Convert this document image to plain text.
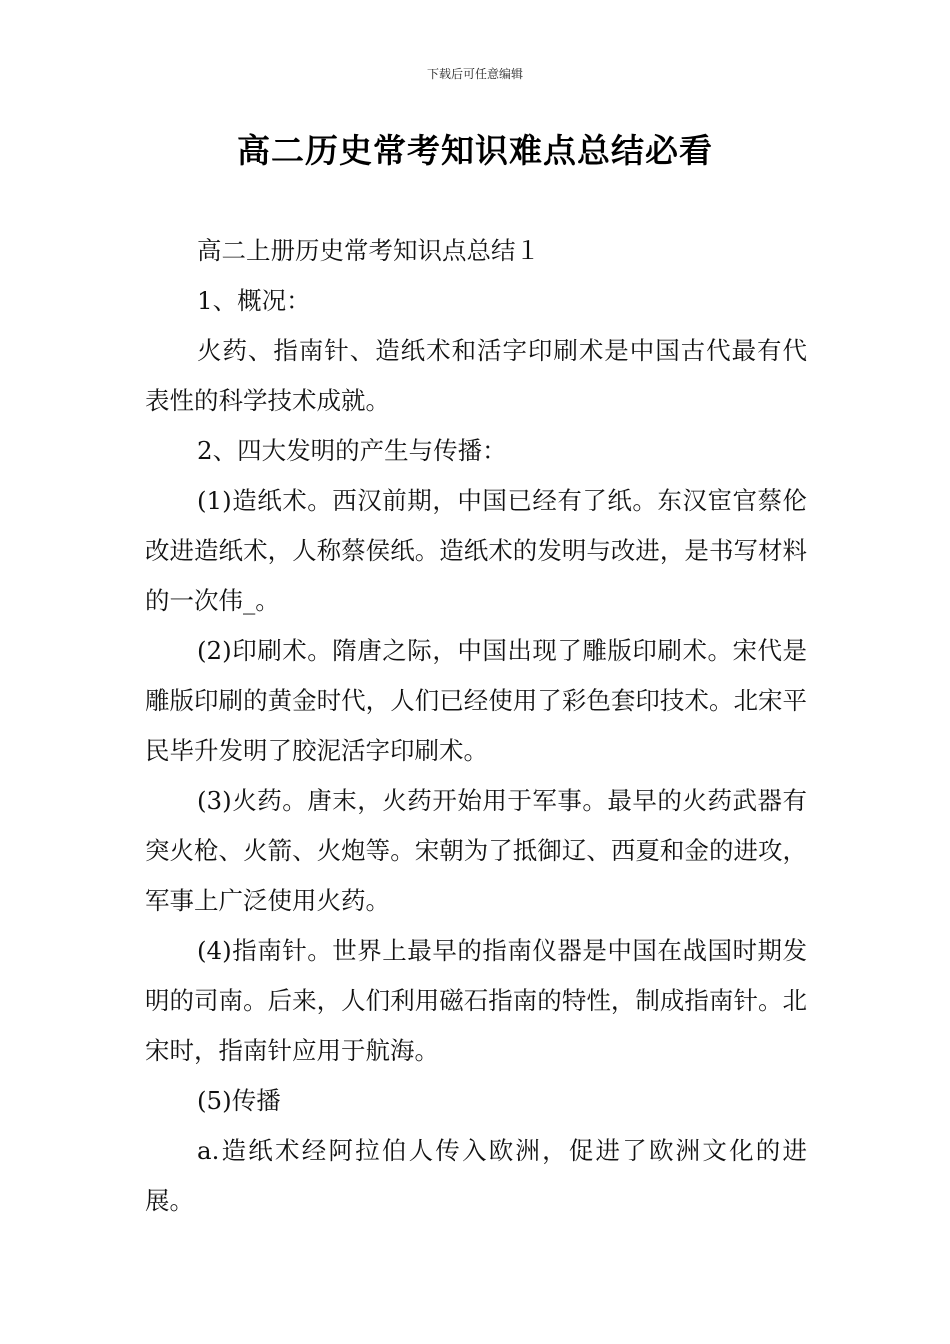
下载后可任意编辑
高二历史常考知识难点总结必看

高二上册历史常考知识点总结１

1、概况：

火药、指南针、造纸术和活字印刷术是中国古代最有代表性的科学技术成就。

2、四大发明的产生与传播：

(1)造纸术。西汉前期，中国已经有了纸。东汉宦官蔡伦改进造纸术，人称蔡侯纸。造纸术的发明与改进，是书写材料的一次伟_。

(2)印刷术。隋唐之际，中国出现了雕版印刷术。宋代是雕版印刷的黄金时代，人们已经使用了彩色套印技术。北宋平民毕升发明了胶泥活字印刷术。

(3)火药。唐末，火药开始用于军事。最早的火药武器有突火枪、火箭、火炮等。宋朝为了抵御辽、西夏和金的进攻，军事上广泛使用火药。

(4)指南针。世界上最早的指南仪器是中国在战国时期发明的司南。后来，人们利用磁石指南的特性，制成指南针。北宋时，指南针应用于航海。

(5)传播

a.造纸术经阿拉伯人传入欧洲，促进了欧洲文化的进展。
